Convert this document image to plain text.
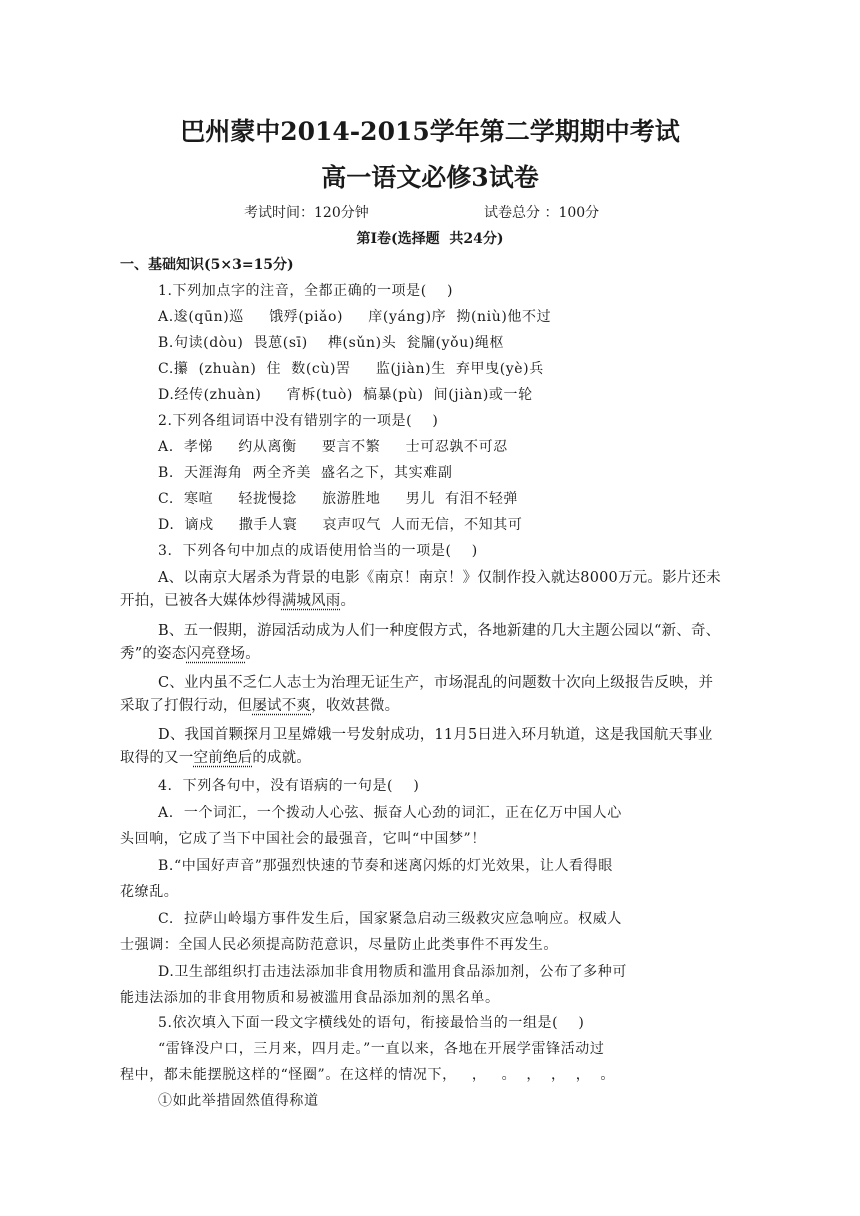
巴州蒙中2014-2015学年第二学期期中考试
高一语文必修3试卷
考试时间：120分钟	试卷总分 ：100分
第Ⅰ卷(选择题  共24分)
一、基础知识(5×3=15分)
1.下列加点字的注音，全都正确的一项是(    )
A.逡(qūn)巡     饿殍(piǎo)     庠(yáng)序  拗(niù)他不过
B.句读(dòu)  畏葸(sī)    榫(sǔn)头  瓮牖(yǒu)绳枢
C.攥  (zhuàn)  住  数(cù)罟     监(jiàn)生  弃甲曳(yè)兵
D.经传(zhuàn)     宵柝(tuò)  槁暴(pù)  间(jiàn)或一轮
2.下列各组词语中没有错别字的一项是(    )
A.  孝悌     约从离衡     要言不繁     士可忍孰不可忍
B.  天涯海角  两全齐美  盛名之下，其实难副
C.  寒喧     轻拢慢捻     旅游胜地     男儿  有泪不轻弹
D.  谪戍     撒手人寰     哀声叹气  人而无信，不知其可
3.  下列各句中加点的成语使用恰当的一项是(    )
A、以南京大屠杀为背景的电影《南京！南京！》仅制作投入就达8000万元。影片还未
开拍，已被各大媒体炒得满城风雨。
B、五一假期，游园活动成为人们一种度假方式，各地新建的几大主题公园以“新、奇、
秀”的姿态闪亮登场。
C、业内虽不乏仁人志士为治理无证生产，市场混乱的问题数十次向上级报告反映，并
采取了打假行动，但屡试不爽，收效甚微。
D、我国首颗探月卫星嫦娥一号发射成功，11月5日进入环月轨道，这是我国航天事业
取得的又一空前绝后的成就。
4.  下列各句中，没有语病的一句是(    )
A.  一个词汇，一个拨动人心弦、振奋人心劲的词汇，正在亿万中国人心
头回响，它成了当下中国社会的最强音，它叫“中国梦”！
B.“中国好声音”那强烈快速的节奏和迷离闪烁的灯光效果，让人看得眼
花缭乱。
C.  拉萨山岭塌方事件发生后，国家紧急启动三级救灾应急响应。权威人
士强调：全国人民必须提高防范意识，尽量防止此类事件不再发生。
D.卫生部组织打击违法添加非食用物质和滥用食品添加剂，公布了多种可
能违法添加的非食用物质和易被滥用食品添加剂的黑名单。
5.依次填入下面一段文字横线处的语句，衔接最恰当的一组是(    )
“雷锋没户口，三月来，四月走。”一直以来，各地在开展学雷锋活动过
程中，都未能摆脱这样的“怪圈”。在这样的情况下，   ，   。  ，  ，  ，  。
①如此举措固然值得称道
